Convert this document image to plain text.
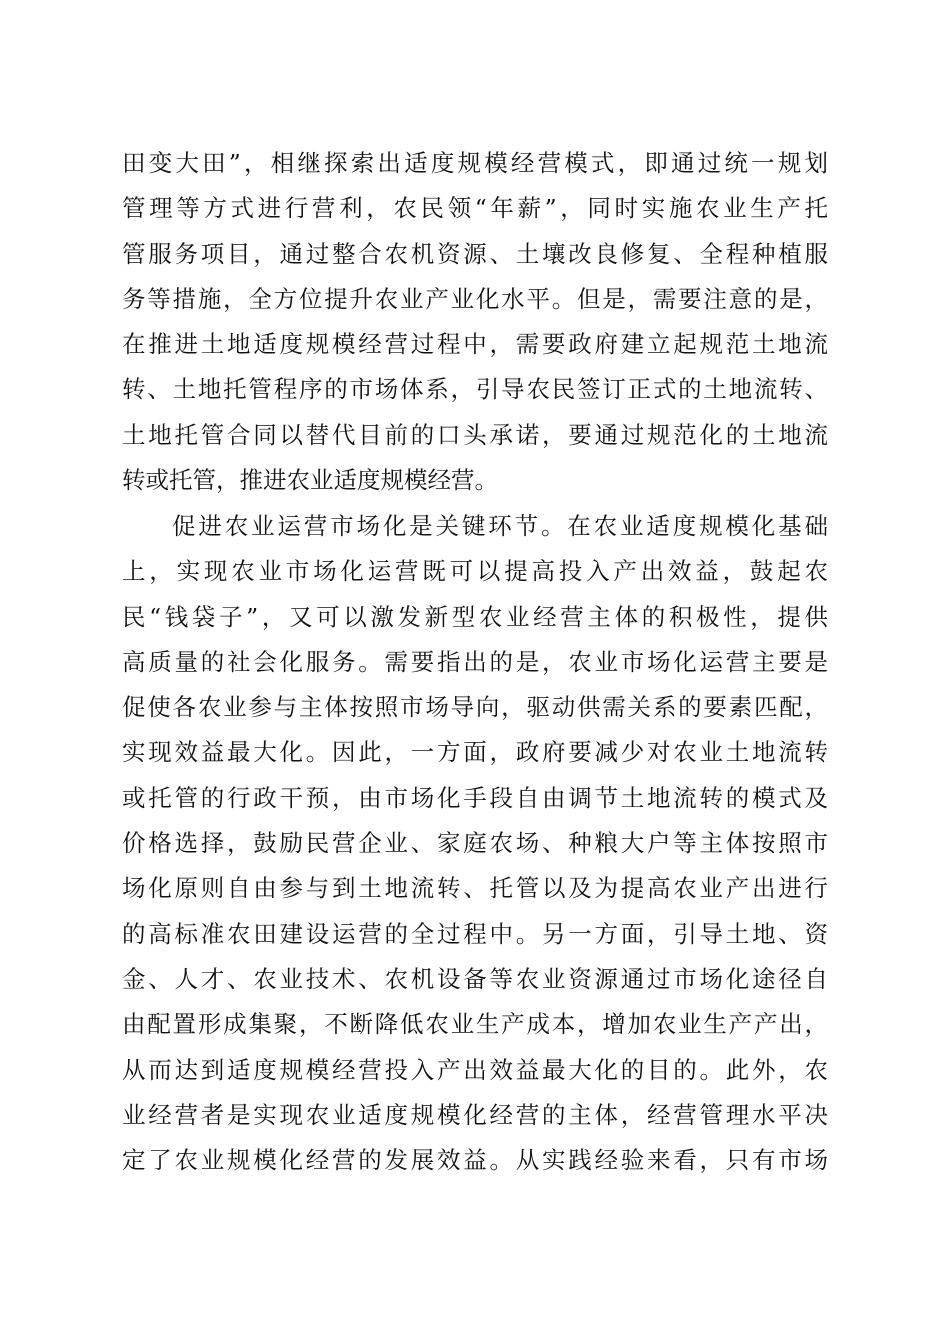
田变大田”，相继探索出适度规模经营模式，即通过统一规划
管理等方式进行营利，农民领“年薪”，同时实施农业生产托
管服务项目，通过整合农机资源、土壤改良修复、全程种植服
务等措施，全方位提升农业产业化水平。但是，需要注意的是，
在推进土地适度规模经营过程中，需要政府建立起规范土地流
转、土地托管程序的市场体系，引导农民签订正式的土地流转、
土地托管合同以替代目前的口头承诺，要通过规范化的土地流
转或托管，推进农业适度规模经营。
促进农业运营市场化是关键环节。在农业适度规模化基础
上，实现农业市场化运营既可以提高投入产出效益，鼓起农
民“钱袋子”，又可以激发新型农业经营主体的积极性，提供
高质量的社会化服务。需要指出的是，农业市场化运营主要是
促使各农业参与主体按照市场导向，驱动供需关系的要素匹配，
实现效益最大化。因此，一方面，政府要减少对农业土地流转
或托管的行政干预，由市场化手段自由调节土地流转的模式及
价格选择，鼓励民营企业、家庭农场、种粮大户等主体按照市
场化原则自由参与到土地流转、托管以及为提高农业产出进行
的高标准农田建设运营的全过程中。另一方面，引导土地、资
金、人才、农业技术、农机设备等农业资源通过市场化途径自
由配置形成集聚，不断降低农业生产成本，增加农业生产产出，
从而达到适度规模经营投入产出效益最大化的目的。此外，农
业经营者是实现农业适度规模化经营的主体，经营管理水平决
定了农业规模化经营的发展效益。从实践经验来看，只有市场
